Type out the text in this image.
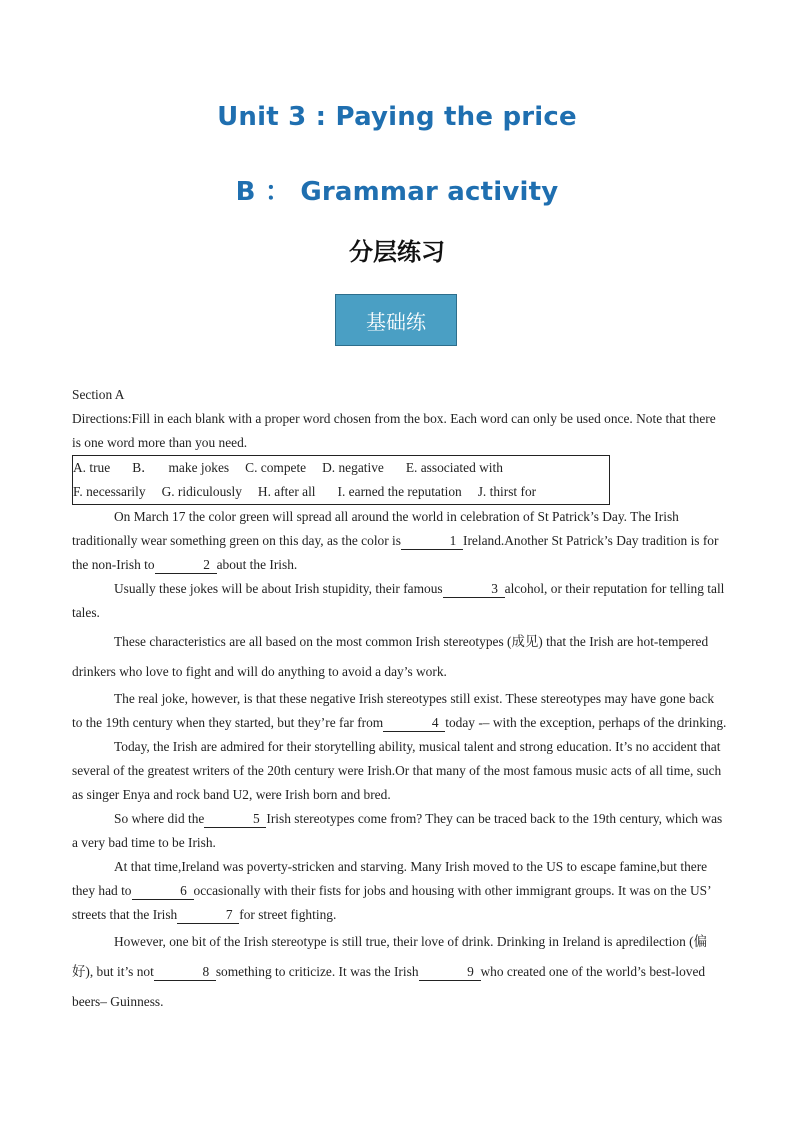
Unit 3 : Paying the price
B ： Grammar activity
分层练习
基础练

Section A

Directions:Fill in each blank with a proper word chosen from the box. Each word can only be used once. Note that there is one word more than you need.

A. true B． make jokes C. compete D. negative E. associated with
F. necessarily G. ridiculously H. after all I. earned the reputation J. thirst for

On March 17 the color green will spread all around the world in celebration of St Patrick’s Day. The Irish traditionally wear something green on this day, as the color is	1 Ireland.Another St Patrick’s Day tradition is for the non-Irish to	2 about the Irish.

Usually these jokes will be about Irish stupidity, their famous	3 alcohol, or their reputation for telling tall tales.

These characteristics are all based on the most common Irish stereotypes (成见) that the Irish are hot-tempered drinkers who love to fight and will do anything to avoid a day’s work.

The real joke, however, is that these negative Irish stereotypes still exist. These stereotypes may have gone back to the 19th century when they started, but they’re far from	4 today -– with the exception, perhaps of the drinking.

Today, the Irish are admired for their storytelling ability, musical talent and strong education. It’s no accident that several of the greatest writers of the 20th century were Irish.Or that many of the most famous music acts of all time, such as singer Enya and rock band U2, were Irish born and bred.

So where did the	5 Irish stereotypes come from? They can be traced back to the 19th century, which was a very bad time to be Irish.

At that time,Ireland was poverty-stricken and starving. Many Irish moved to the US to escape famine,but there they had to	6 occasionally with their fists for jobs and housing with other immigrant groups. It was on the US’ streets that the Irish	7 for street fighting.

However, one bit of the Irish stereotype is still true, their love of drink. Drinking in Ireland is apredilection (偏好), but it’s not	8 something to criticize. It was the Irish	9 who created one of the world’s best-loved beers– Guinness.
